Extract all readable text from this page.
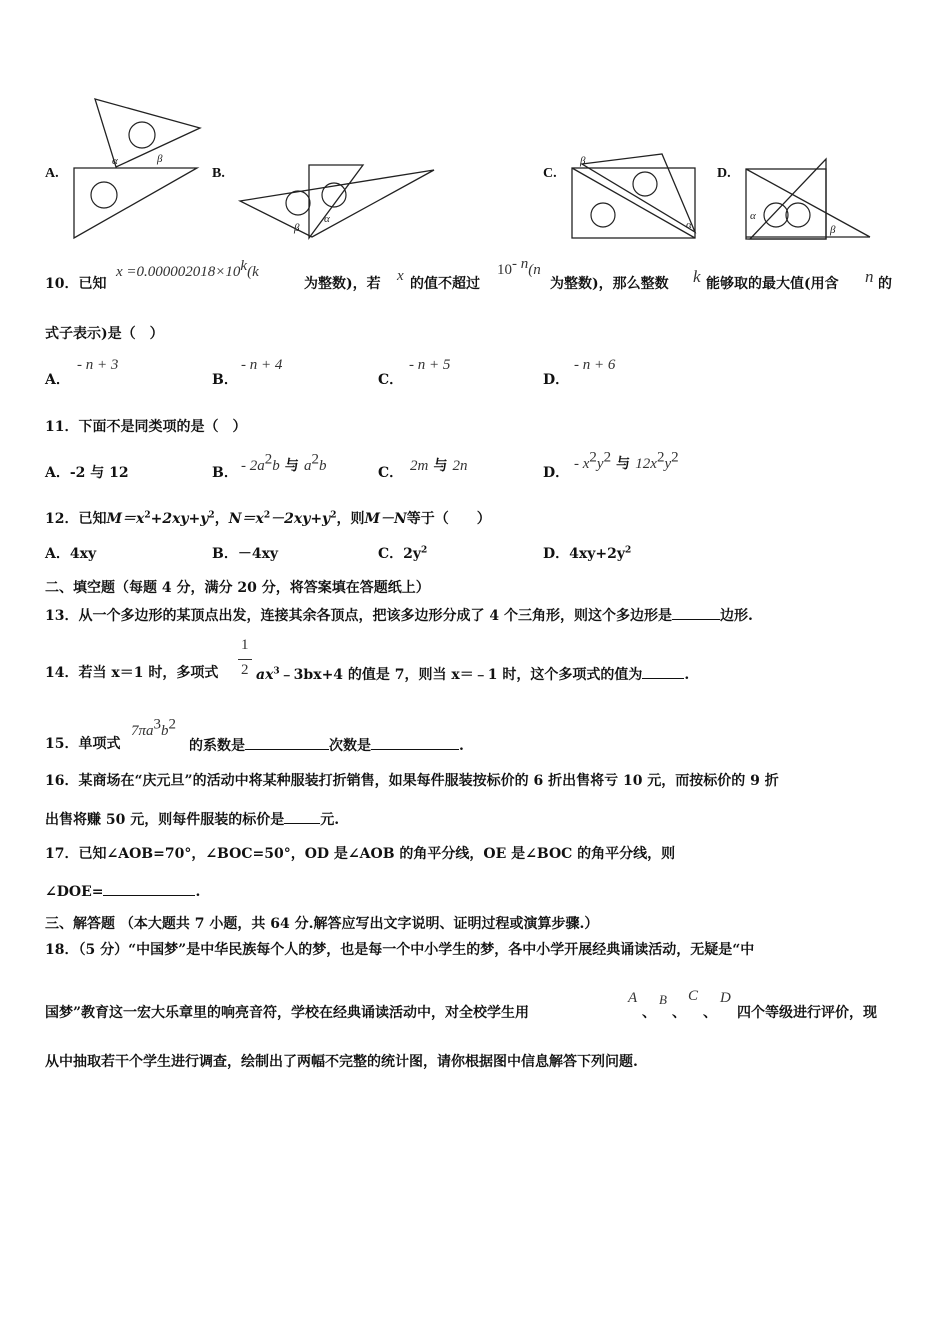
A.
α	β
B.
α
β
C.
β
α
D.
α
β
10．已知
$x =0.000002018\times 10^k(k$
为整数)，若 x 的值不超过
$10^{- n}(n$
为整数)，那么整数 k 能够取的最大值(用含 n 的
式子表示)是（　）
A．
- n + 3
B．
- n + 4
C．
- n + 5
D．
- n + 6
11．下面不是同类项的是（　）
A．-2 与 12	B． - $2a^2b$ 与 $a^2b$	C． 2m 与 2n	D．
- $x^2y^2$ 与 $12x^2y^2$
12．已知$M=x^2+2xy+y^2$，$N=x^2-2xy+y^2$，则M－N等于（　　）
A．4xy	B．－4xy	C．$2y^2$	D．$4xy+2y^2$
二、填空题（每题 4 分，满分 20 分，将答案填在答题纸上）
13．从一个多边形的某顶点出发，连接其余各顶点，把该多边形分成了 4 个三角形，则这个多边形是	边形.
1
2
14．若当 x＝1 时，多项式	$ax^3﹣3bx+4$ 的值是 7，则当 x＝﹣1 时，这个多项式的值为	.
15．单项式
$7\pi a^3b^2$
的系数是	次数是	.
16．某商场在“庆元旦”的活动中将某种服装打折销售，如果每件服装按标价的 6 折出售将亏 10 元，而按标价的 9 折
出售将赚 50 元，则每件服装的标价是	元.
17．已知∠AOB=70°，∠BOC=50°，OD 是∠AOB 的角平分线，OE 是∠BOC 的角平分线，则
∠DOE=	.
三、解答题 （本大题共 7 小题，共 64 分.解答应写出文字说明、证明过程或演算步骤.）
18．（5 分）“中国梦”是中华民族每个人的梦，也是每一个中小学生的梦，各中小学开展经典诵读活动，无疑是“中
国梦”教育这一宏大乐章里的响亮音符，学校在经典诵读活动中，对全校学生用
A
、
B
、
C
、
D
四个等级进行评价，现
从中抽取若干个学生进行调查，绘制出了两幅不完整的统计图，请你根据图中信息解答下列问题.
